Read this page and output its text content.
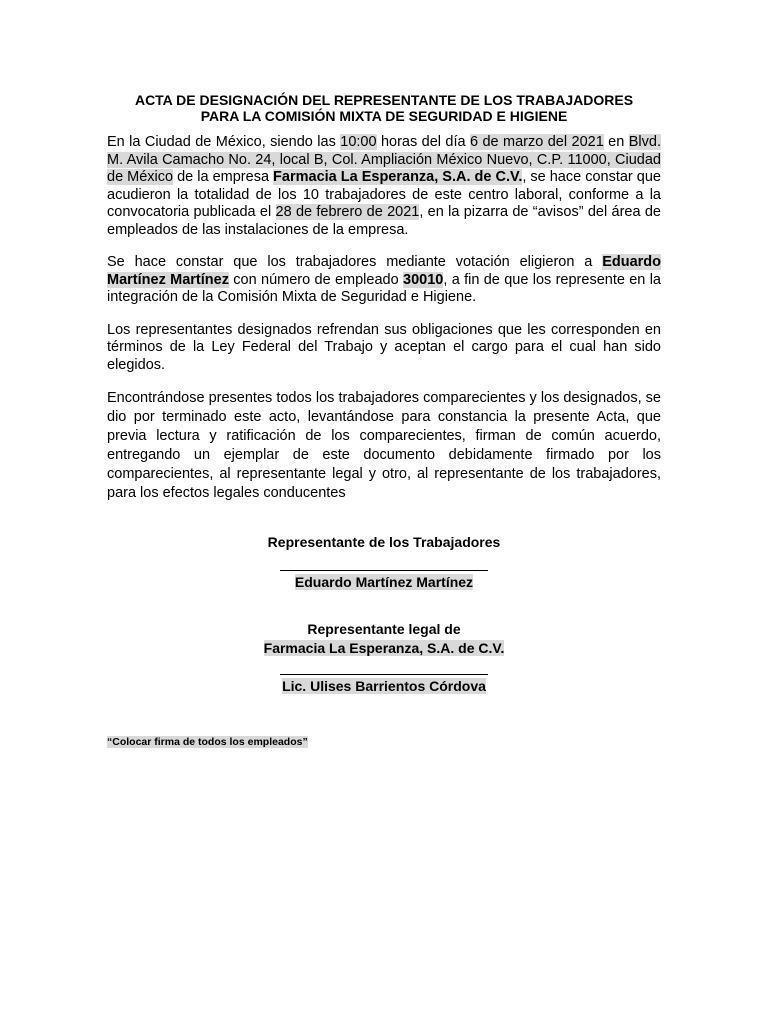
ACTA DE DESIGNACIÓN DEL REPRESENTANTE DE LOS TRABAJADORES
PARA LA COMISIÓN MIXTA DE SEGURIDAD E HIGIENE

En la Ciudad de México, siendo las 10:00 horas del día 6 de marzo del 2021 en Blvd. M. Avila Camacho No. 24, local B, Col. Ampliación México Nuevo, C.P. 11000, Ciudad de México de la empresa Farmacia La Esperanza, S.A. de C.V., se hace constar que acudieron la totalidad de los 10 trabajadores de este centro laboral, conforme a la convocatoria publicada el 28 de febrero de 2021, en la pizarra de “avisos” del área de empleados de las instalaciones de la empresa.

Se hace constar que los trabajadores mediante votación eligieron a Eduardo Martínez Martínez con número de empleado 30010, a fin de que los represente en la integración de la Comisión Mixta de Seguridad e Higiene.

Los representantes designados refrendan sus obligaciones que les corresponden en términos de la Ley Federal del Trabajo y aceptan el cargo para el cual han sido elegidos.

Encontrándose presentes todos los trabajadores comparecientes y los designados, se dio por terminado este acto, levantándose para constancia la presente Acta, que previa lectura y ratificación de los comparecientes, firman de común acuerdo, entregando un ejemplar de este documento debidamente firmado por los comparecientes, al representante legal y otro, al representante de los trabajadores, para los efectos legales conducentes

Representante de los Trabajadores
Eduardo Martínez Martínez
Representante legal de
Farmacia La Esperanza, S.A. de C.V.
Lic. Ulises Barrientos Córdova
“Colocar firma de todos los empleados”
